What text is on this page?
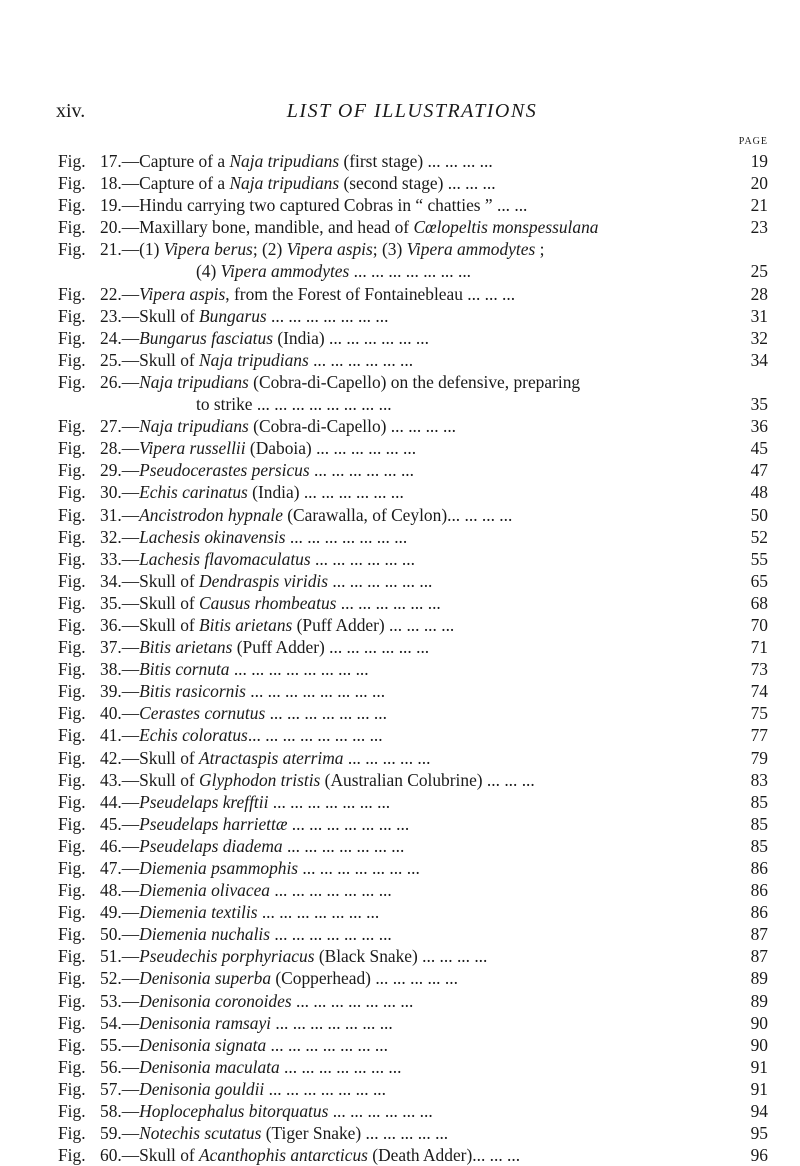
xiv.	LIST OF ILLUSTRATIONS
PAGE
Fig. 17.—Capture of a Naja tripudians (first stage) ... ... ... ...	19
Fig. 18.—Capture of a Naja tripudians (second stage) ... ... ...	20
Fig. 19.—Hindu carrying two captured Cobras in “ chatties ” ... ...	21
Fig. 20.—Maxillary bone, mandible, and head of Cœlopeltis monspessulana	23
Fig. 21.—(1) Vipera berus; (2) Vipera aspis; (3) Vipera ammodytes ;
(4) Vipera ammodytes ... ... ... ... ... ... ...	25
Fig. 22.—Vipera aspis, from the Forest of Fontainebleau ... ... ...	28
Fig. 23.—Skull of Bungarus ... ... ... ... ... ... ...	31
Fig. 24.—Bungarus fasciatus (India) ... ... ... ... ... ...	32
Fig. 25.—Skull of Naja tripudians ... ... ... ... ... ...	34
Fig. 26.—Naja tripudians (Cobra-di-Capello) on the defensive, preparing
to strike ... ... ... ... ... ... ... ...	35
Fig. 27.—Naja tripudians (Cobra-di-Capello) ... ... ... ...	36
Fig. 28.—Vipera russellii (Daboia) ... ... ... ... ... ...	45
Fig. 29.—Pseudocerastes persicus ... ... ... ... ... ...	47
Fig. 30.—Echis carinatus (India) ... ... ... ... ... ...	48
Fig. 31.—Ancistrodon hypnale (Carawalla, of Ceylon)... ... ... ...	50
Fig. 32.—Lachesis okinavensis ... ... ... ... ... ... ...	52
Fig. 33.—Lachesis flavomaculatus ... ... ... ... ... ...	55
Fig. 34.—Skull of Dendraspis viridis ... ... ... ... ... ...	65
Fig. 35.—Skull of Causus rhombeatus ... ... ... ... ... ...	68
Fig. 36.—Skull of Bitis arietans (Puff Adder) ... ... ... ...	70
Fig. 37.—Bitis arietans (Puff Adder) ... ... ... ... ... ...	71
Fig. 38.—Bitis cornuta ... ... ... ... ... ... ... ...	73
Fig. 39.—Bitis rasicornis ... ... ... ... ... ... ... ...	74
Fig. 40.—Cerastes cornutus ... ... ... ... ... ... ...	75
Fig. 41.—Echis coloratus... ... ... ... ... ... ... ...	77
Fig. 42.—Skull of Atractaspis aterrima ... ... ... ... ...	79
Fig. 43.—Skull of Glyphodon tristis (Australian Colubrine) ... ... ...	83
Fig. 44.—Pseudelaps krefftii ... ... ... ... ... ... ...	85
Fig. 45.—Pseudelaps harriettæ ... ... ... ... ... ... ...	85
Fig. 46.—Pseudelaps diadema ... ... ... ... ... ... ...	85
Fig. 47.—Diemenia psammophis ... ... ... ... ... ... ...	86
Fig. 48.—Diemenia olivacea ... ... ... ... ... ... ...	86
Fig. 49.—Diemenia textilis ... ... ... ... ... ... ...	86
Fig. 50.—Diemenia nuchalis ... ... ... ... ... ... ...	87
Fig. 51.—Pseudechis porphyriacus (Black Snake) ... ... ... ...	87
Fig. 52.—Denisonia superba (Copperhead) ... ... ... ... ...	89
Fig. 53.—Denisonia coronoides ... ... ... ... ... ... ...	89
Fig. 54.—Denisonia ramsayi ... ... ... ... ... ... ...	90
Fig. 55.—Denisonia signata ... ... ... ... ... ... ...	90
Fig. 56.—Denisonia maculata ... ... ... ... ... ... ...	91
Fig. 57.—Denisonia gouldii ... ... ... ... ... ... ...	91
Fig. 58.—Hoplocephalus bitorquatus ... ... ... ... ... ...	94
Fig. 59.—Notechis scutatus (Tiger Snake) ... ... ... ... ...	95
Fig. 60.—Skull of Acanthophis antarcticus (Death Adder)... ... ...	96
